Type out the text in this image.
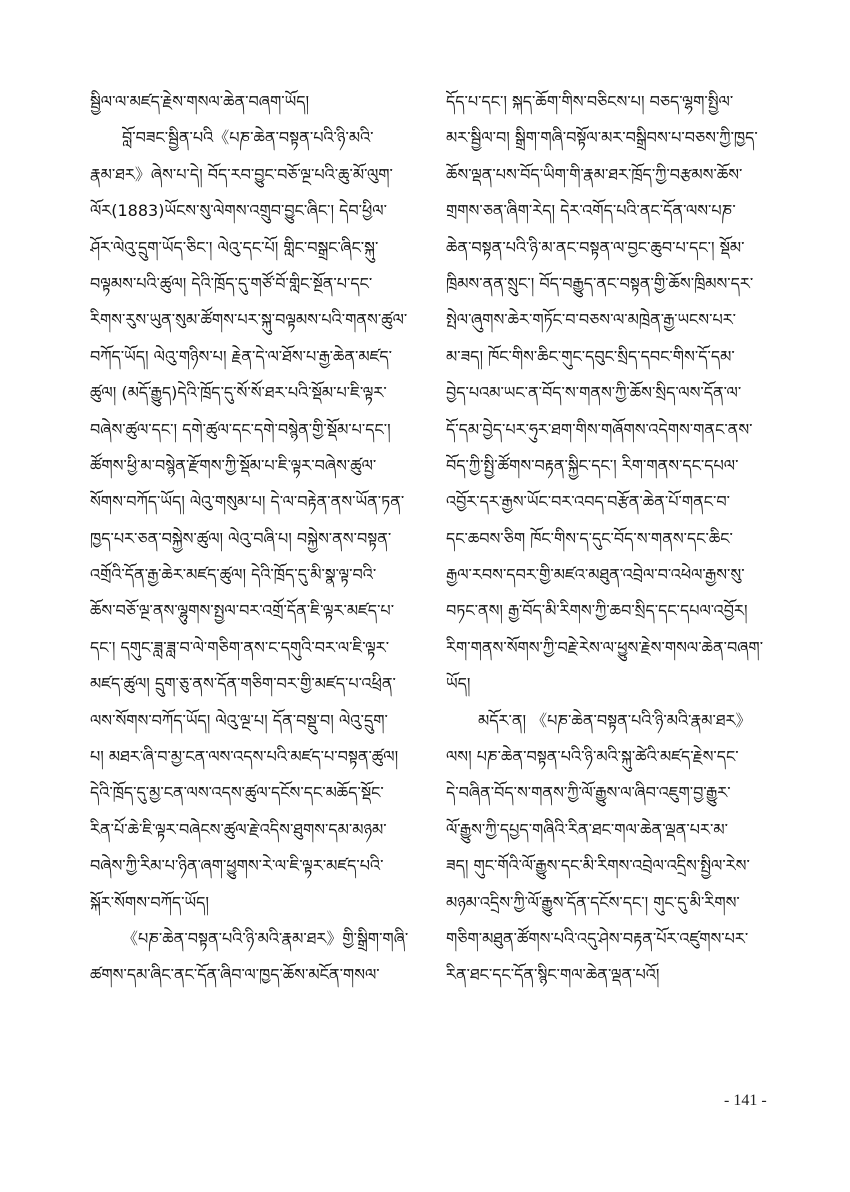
སྦྱིལ་ལ་མཛད་རྗེས་གསལ་ཆེན་བཞག་ཡོད།
བློ་བཟང་སྦྱིན་པའི《པཎ་ཆེན་བསྟན་པའི་ཉི་མའི་
རྣམ་ཐར》ཞེས་པ་དེ། བོད་རབ་བྱུང་བཅོ་ལྔ་པའི་ཆུ་མོ་ལུག་
ལོར(1883)ཡོངས་སུ་ལེགས་འགྲུབ་བྱུང་ཞིང་། དེབ་ཕྱིལ་
ཤོར་ལེའུ་དྲུག་ཡོད་ཅིང་། ལེའུ་དང་པོ། གླིང་བསྒྲང་ཞིང་སྐུ་
བལྟམས་པའི་ཚུལ། དེའི་ཁྲོད་དུ་གཙོ་བོ་གླིང་སྔོན་པ་དང་
རིགས་རུས་ཡུན་སུམ་ཚོགས་པར་སྐུ་བལྟམས་པའི་གནས་ཚུལ་
བཀོད་ཡོད། ལེའུ་གཉིས་པ། རྗེན་དེ་ལ་ཐོས་པ་རྒྱ་ཆེན་མཛད་
ཚུལ། (མདོ་རྒྱུད)དེའི་ཁྲོད་དུ་སོ་སོ་ཐར་པའི་སྡོམ་པ་ཇི་ལྟར་
བཞེས་ཚུལ་དང་། དགེ་ཚུལ་དང་དགེ་བསྙེན་གྱི་སྡོམ་པ་དང་།
ཚོགས་ཕྱི་མ་བསྙེན་རྫོགས་ཀྱི་སྡོམ་པ་ཇི་ལྟར་བཞེས་ཚུལ་
སོགས་བཀོད་ཡོད། ལེའུ་གསུམ་པ། དེ་ལ་བརྟེན་ནས་ཡོན་ཏན་
ཁྱད་པར་ཅན་བསྐྱེས་ཚུལ། ལེའུ་བཞི་པ། བསྐྱེས་ནས་བསྟན་
འགྲོའི་དོན་རྒྱ་ཆེར་མཛད་ཚུལ། དེའི་ཁྲོད་དུ་མི་སྣ་ལྟ་བའི་
ཆོས་བཅོ་ལྔ་ནས་ལྷུགས་སྤྱལ་བར་འགྲོ་དོན་ཇི་ལྟར་མཛད་པ་
དང་། དགུང་ཟླ་ཟླ་བ་ལེ་གཅིག་ནས་ང་དགུའི་བར་ལ་ཇི་ལྟར་
མཛད་ཚུལ། དྲུག་ཅུ་ནས་དོན་གཅིག་བར་གྱི་མཛད་པ་འཕྲིན་
ལས་སོགས་བཀོད་ཡོད། ལེའུ་ལྔ་པ། དོན་བསྡུ་བ། ལེའུ་དྲུག་
པ། མཐར་ཞི་བ་མྱ་ངན་ལས་འདས་པའི་མཛད་པ་བསྟན་ཚུལ།
དེའི་ཁྲོད་དུ་མྱ་ངན་ལས་འདས་ཚུལ་དངོས་དང་མཆོད་སྡོང་
རིན་པོ་ཆེ་ཇི་ལྟར་བཞེངས་ཚུལ་རྗེ་འདིས་ཐུགས་དམ་མཉམ་
བཞེས་ཀྱི་རིམ་པ་ཉིན་ཞག་ཕྱུགས་རེ་ལ་ཇི་ལྟར་མཛད་པའི་
སྐོར་སོགས་བཀོད་ཡོད།
《པཎ་ཆེན་བསྟན་པའི་ཉི་མའི་རྣམ་ཐར》གྱི་སྒྲིག་གཞི་
ཚགས་དམ་ཞིང་ནང་དོན་ཞིབ་ལ་ཁྱད་ཆོས་མངོན་གསལ་
དོད་པ་དང་། སྐད་ཆོག་གིས་བཅིངས་པ། བཅད་ལྷག་སྤྱིལ་
མར་སྦྱིལ་བ། སྒྲིག་གཞི་བསྟོལ་མར་བསྒྲིབས་པ་བཅས་ཀྱི་ཁྱད་
ཆོས་ལྡན་པས་བོད་ཡིག་གི་རྣམ་ཐར་ཁྲོད་ཀྱི་བརྩམས་ཆོས་
གྲགས་ཅན་ཞིག་རེད། དེར་འགོད་པའི་ནང་དོན་ལས་པཎ་
ཆེན་བསྟན་པའི་ཉི་མ་ནང་བསྟན་ལ་བྱང་ཆུབ་པ་དང་། སྡོམ་
ཁྲིམས་ནན་སྲུང་། བོད་བརྒྱུད་ནང་བསྟན་གྱི་ཆོས་ཁྲིམས་དར་
སྤེལ་ཞུགས་ཆེར་གཏོང་བ་བཅས་ལ་མཁྲེན་རྒྱ་ཡངས་པར་
མ་ཟད། ཁོང་གིས་ཆིང་གུང་དབུང་སྲིད་དབང་གིས་དོ་དམ་
བྱེད་པའམ་ཡང་ན་བོད་ས་གནས་ཀྱི་ཆོས་སྲིད་ལས་དོན་ལ་
དོ་དམ་བྱེད་པར་ཧུར་ཐག་གིས་གཞོགས་འདེགས་གནང་ནས་
བོད་ཀྱི་སྤྱི་ཚོགས་བརྟན་སྐྱིང་དང་། རིག་གནས་དང་དཔལ་
འབྱོར་དར་རྒྱས་ཡོང་བར་འབད་བརྩོན་ཆེན་པོ་གནང་བ་
དང་ཆབས་ཅིག ཁོང་གིས་ད་དུང་བོད་ས་གནས་དང་ཆིང་
རྒྱལ་རབས་དབར་གྱི་མཛའ་མཐུན་འབྲེལ་བ་འཕེལ་རྒྱས་སུ་
བཏང་ནས། རྒྱ་བོད་མི་རིགས་ཀྱི་ཆབ་སྲིད་དང་དཔལ་འབྱོར།
རིག་གནས་སོགས་ཀྱི་བརྗེ་རེས་ལ་ཕྱུས་རྗེས་གསལ་ཆེན་བཞག་
ཡོད།
མདོར་ན། 《པཎ་ཆེན་བསྟན་པའི་ཉི་མའི་རྣམ་ཐར》
ལས། པཎ་ཆེན་བསྟན་པའི་ཉི་མའི་སྐུ་ཚེའི་མཛད་རྗེས་དང་
དེ་བཞིན་བོད་ས་གནས་ཀྱི་ལོ་རྒྱུས་ལ་ཞིབ་འཇུག་བྱ་རྒྱུར་
ལོ་རྒྱུས་ཀྱི་དཔྱད་གཞིའི་རིན་ཐང་གལ་ཆེན་ལྡན་པར་མ་
ཟད། གུང་གོའི་ལོ་རྒྱུས་དང་མི་རིགས་འབྲེལ་འདྲིས་སྤྱིལ་རེས་
མཉམ་འདྲིས་ཀྱི་ལོ་རྒྱུས་དོན་དངོས་དང་། གུང་དུ་མི་རིགས་
གཅིག་མཐུན་ཚོགས་པའི་འདུ་ཤེས་བརྟན་པོར་འཛུགས་པར་
རིན་ཐང་དང་དོན་སྙིང་གལ་ཆེན་ལྡན་པའོ།
- 141 -
